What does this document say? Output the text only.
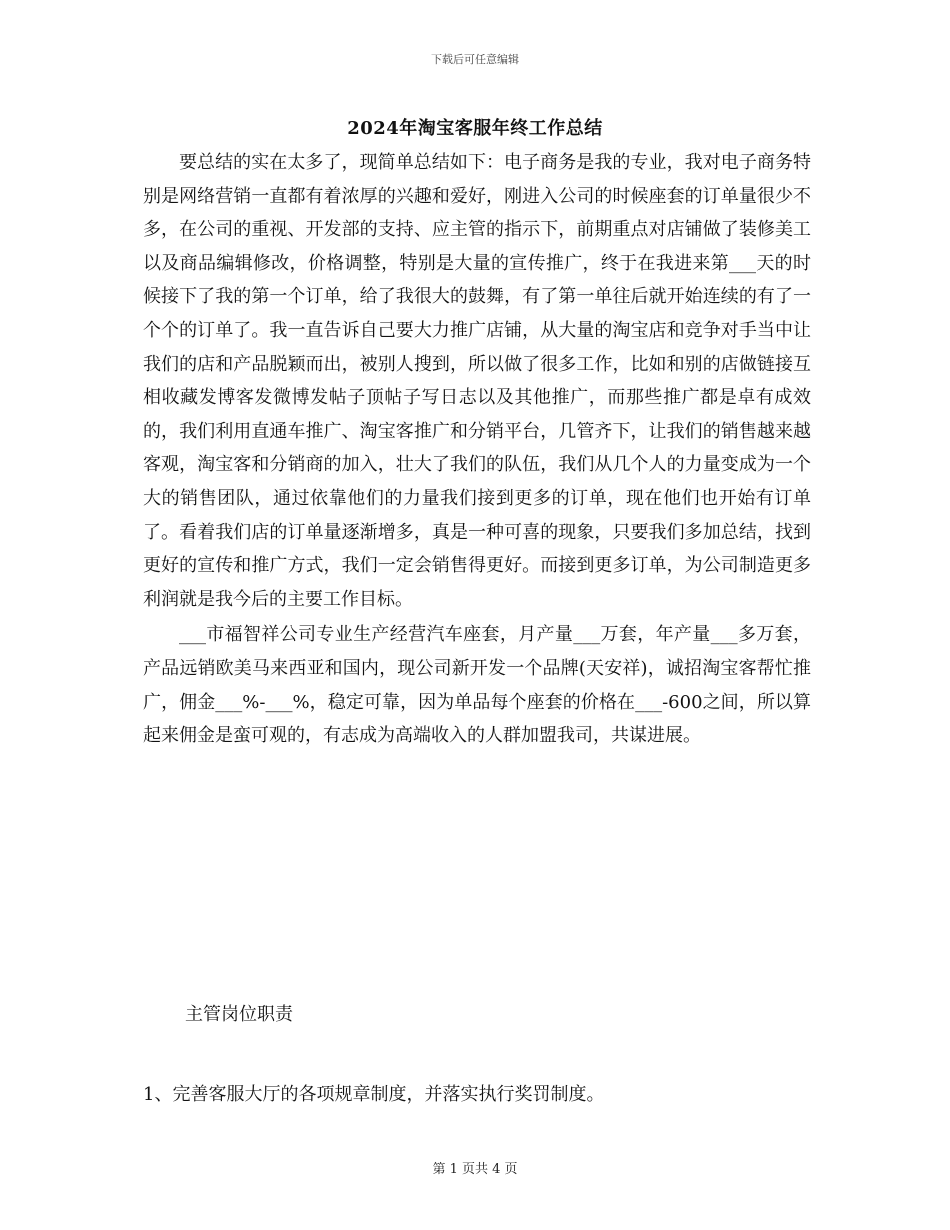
下载后可任意编辑
2024年淘宝客服年终工作总结

要总结的实在太多了，现简单总结如下：电子商务是我的专业，我对电子商务特别是网络营销一直都有着浓厚的兴趣和爱好，刚进入公司的时候座套的订单量很少不多，在公司的重视、开发部的支持、应主管的指示下，前期重点对店铺做了装修美工以及商品编辑修改，价格调整，特别是大量的宣传推广，终于在我进来第___天的时候接下了我的第一个订单，给了我很大的鼓舞，有了第一单往后就开始连续的有了一个个的订单了。我一直告诉自己要大力推广店铺，从大量的淘宝店和竞争对手当中让我们的店和产品脱颖而出，被别人搜到，所以做了很多工作，比如和别的店做链接互相收藏发博客发微博发帖子顶帖子写日志以及其他推广，而那些推广都是卓有成效的，我们利用直通车推广、淘宝客推广和分销平台，几管齐下，让我们的销售越来越客观，淘宝客和分销商的加入，壮大了我们的队伍，我们从几个人的力量变成为一个大的销售团队，通过依靠他们的力量我们接到更多的订单，现在他们也开始有订单了。看着我们店的订单量逐渐增多，真是一种可喜的现象，只要我们多加总结，找到更好的宣传和推广方式，我们一定会销售得更好。而接到更多订单，为公司制造更多利润就是我今后的主要工作目标。

___市福智祥公司专业生产经营汽车座套，月产量___万套，年产量___多万套，产品远销欧美马来西亚和国内，现公司新开发一个品牌(天安祥)，诚招淘宝客帮忙推广，佣金___%-___%，稳定可靠，因为单品每个座套的价格在___-600之间，所以算起来佣金是蛮可观的，有志成为高端收入的人群加盟我司，共谋进展。

主管岗位职责
1、完善客服大厅的各项规章制度，并落实执行奖罚制度。
第 1 页共 4 页
